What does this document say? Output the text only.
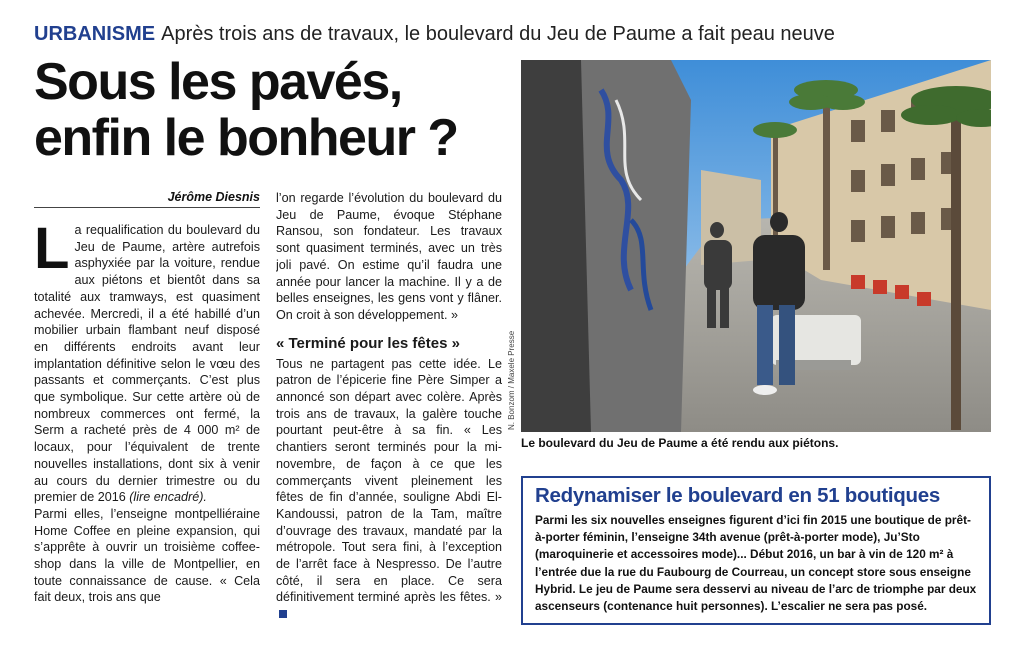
URBANISME Après trois ans de travaux, le boulevard du Jeu de Paume a fait peau neuve
Sous les pavés,
enfin le bonheur ?
Jérôme Diesnis

La requalification du boulevard du Jeu de Paume, artère autrefois asphyxiée par la voiture, rendue aux piétons et bientôt dans sa totalité aux tramways, est quasiment achevée. Mercredi, il a été habillé d’un mobilier urbain flambant neuf disposé en différents endroits avant leur implantation définitive selon le vœu des passants et commerçants. C’est plus que symbolique. Sur cette artère où de nombreux commerces ont fermé, la Serm a racheté près de 4 000 m² de locaux, pour l’équivalent de trente nouvelles installations, dont six à venir au cours du dernier trimestre ou du premier de 2016 (lire encadré).

Parmi elles, l’enseigne montpelliéraine Home Coffee en pleine expansion, qui s’apprête à ouvrir un troisième coffee-shop dans la ville de Montpellier, en toute connaissance de cause. « Cela fait deux, trois ans que

l’on regarde l’évolution du boulevard du Jeu de Paume, évoque Stéphane Ransou, son fondateur. Les travaux sont quasiment terminés, avec un très joli pavé. On estime qu’il faudra une année pour lancer la machine. Il y a de belles enseignes, les gens vont y flâner. On croit à son développement. »

« Terminé pour les fêtes »

Tous ne partagent pas cette idée. Le patron de l’épicerie fine Père Simper a annoncé son départ avec colère. Après trois ans de travaux, la galère touche pourtant peut-être à sa fin. « Les chantiers seront terminés pour la mi-novembre, de façon à ce que les commerçants vivent pleinement les fêtes de fin d’année, souligne Abdi El-Kandoussi, patron de la Tam, maître d’ouvrage des travaux, mandaté par la métropole. Tout sera fini, à l’exception de l’arrêt face à Nespresso. De l’autre côté, il sera en place. Ce sera définitivement terminé après les fêtes. »

N. Bonzom / Maxele Presse
Le boulevard du Jeu de Paume a été rendu aux piétons.
Redynamiser le boulevard en 51 boutiques
Parmi les six nouvelles enseignes figurent d’ici fin 2015 une boutique de prêt-à-porter féminin, l’enseigne 34th avenue (prêt-à-porter mode), Ju’Sto (maroquinerie et accessoires mode)... Début 2016, un bar à vin de 120 m² à l’entrée due la rue du Faubourg de Courreau, un concept store sous enseigne Hybrid. Le jeu de Paume sera desservi au niveau de l’arc de triomphe par deux ascenseurs (contenance huit personnes). L’escalier ne sera pas posé.
